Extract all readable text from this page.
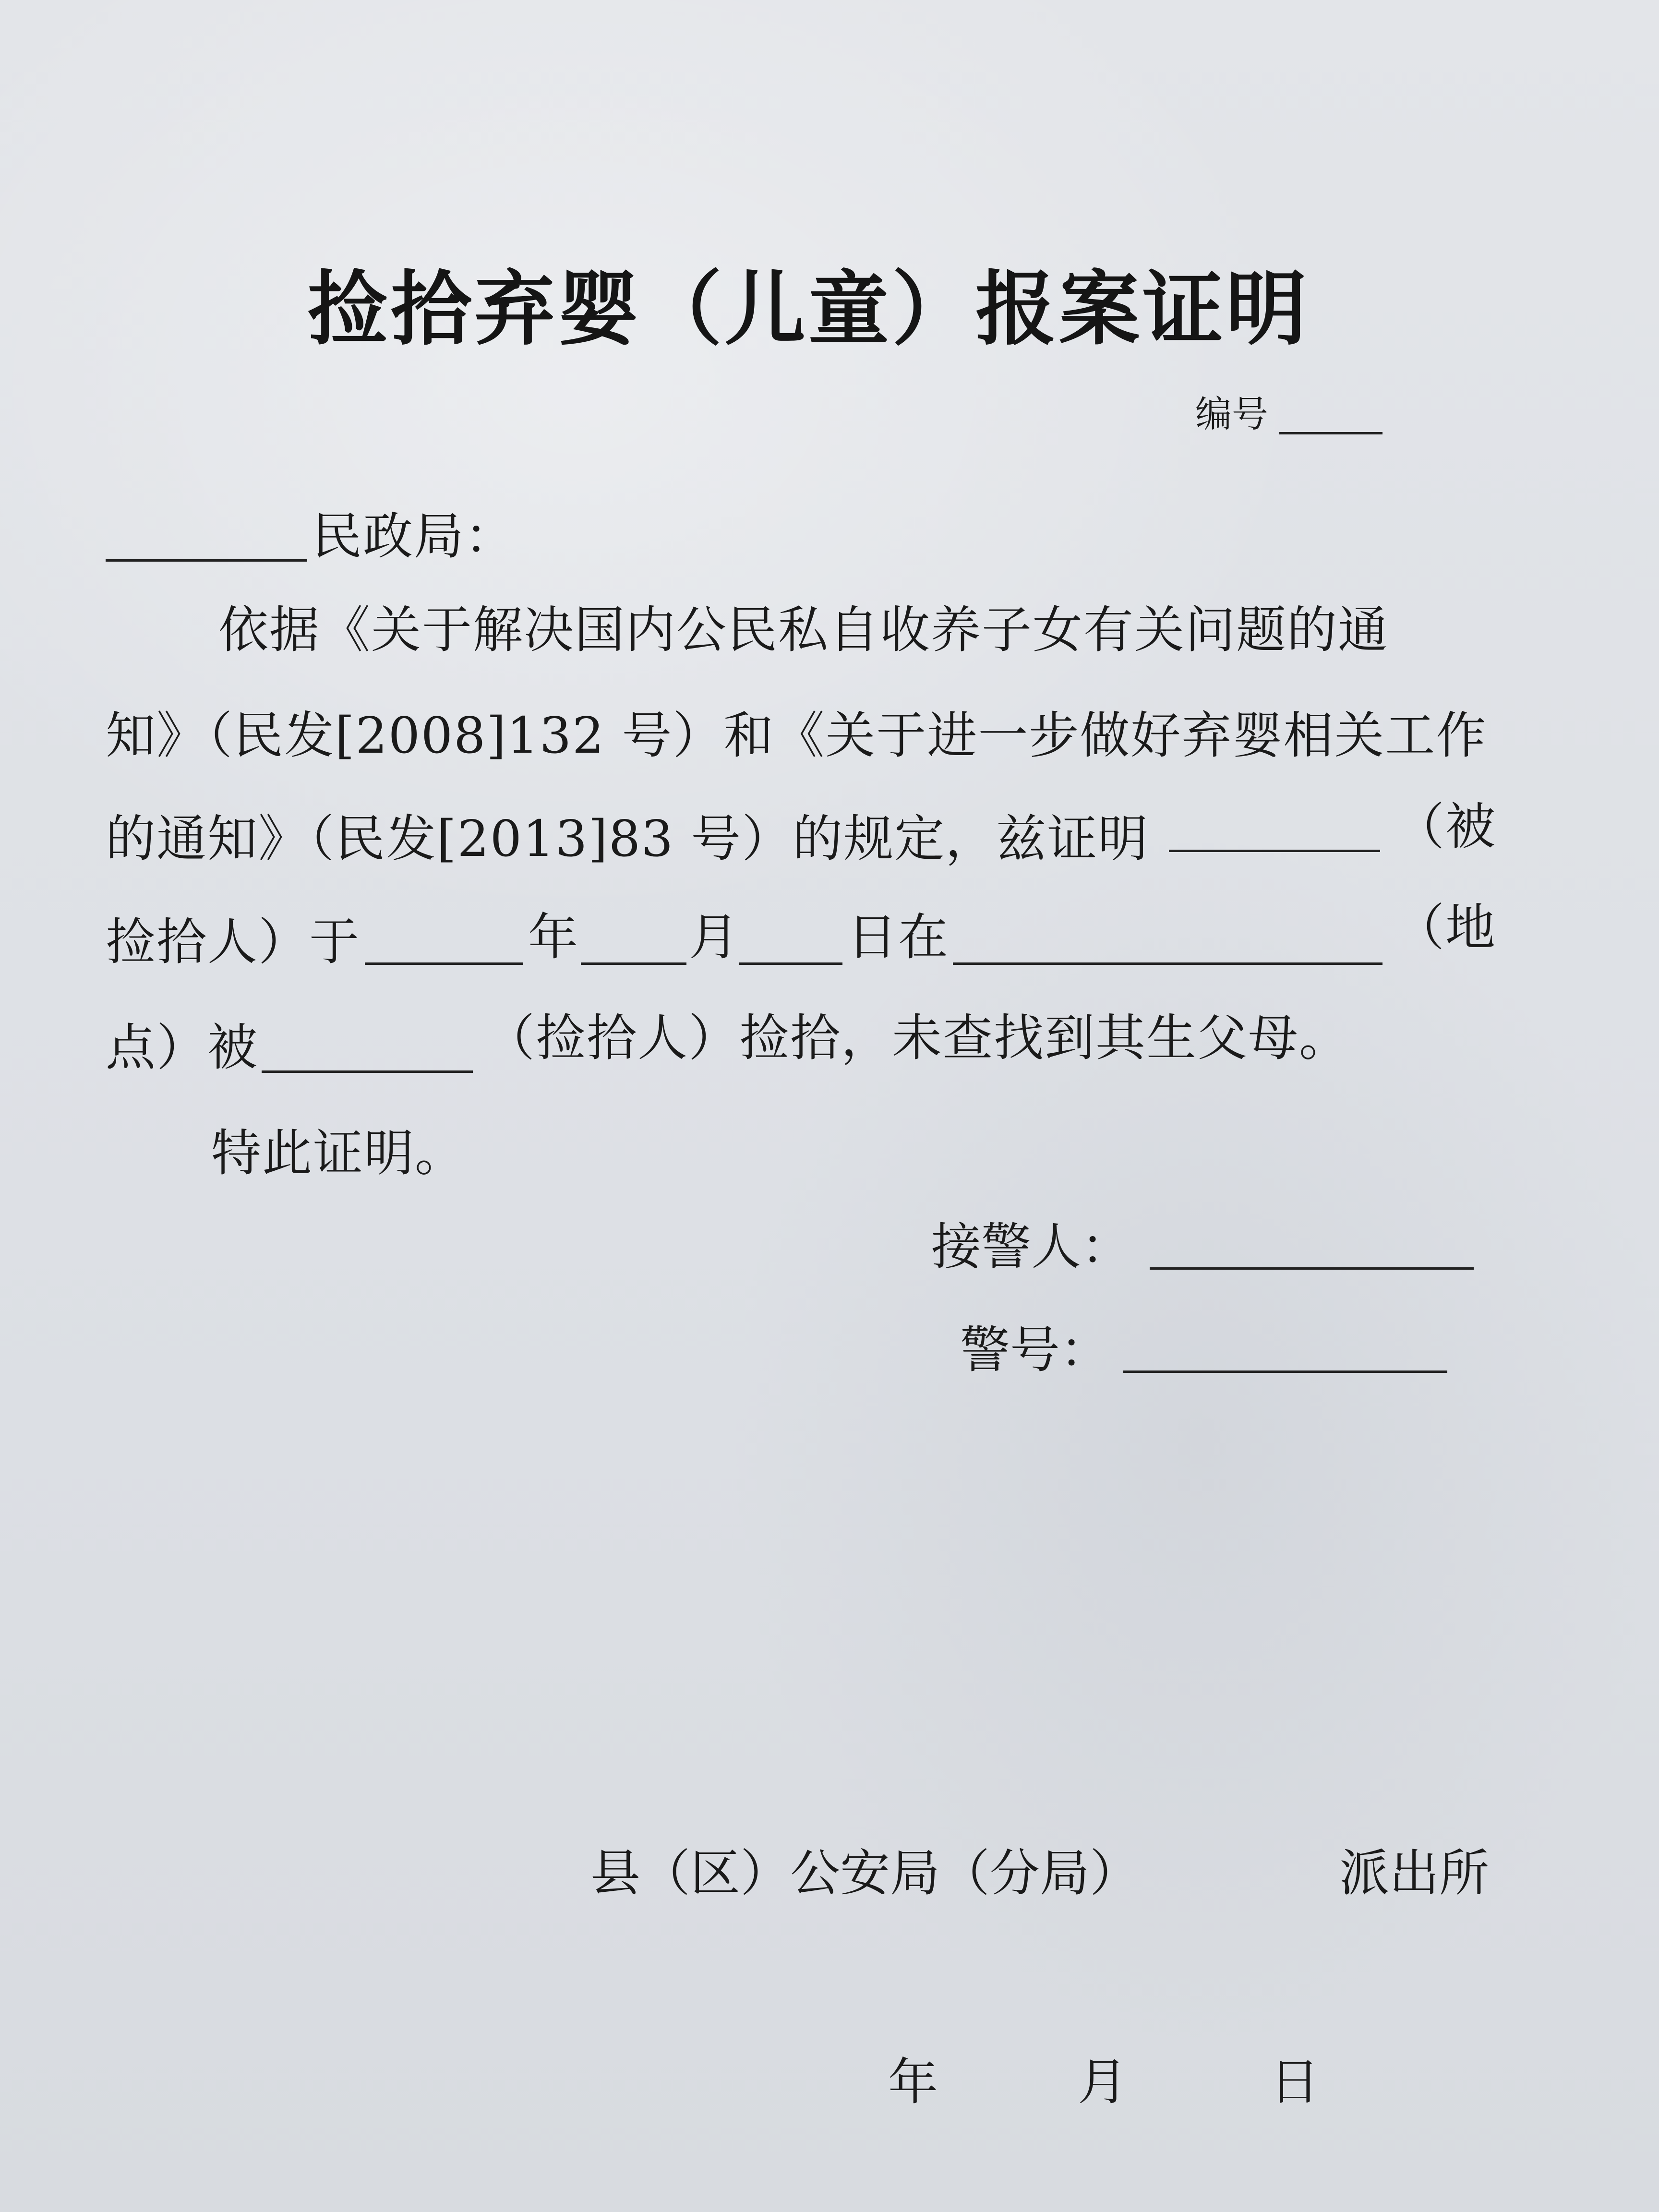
捡拾弃婴（儿童）报案证明
编号
民政局：
依据《关于解决国内公民私自收养子女有关问题的通
知》（民发[2008]132 号）和《关于进一步做好弃婴相关工作
的通知》（民发[2013]83 号）的规定，兹证明	（被
捡拾人）于	年 月 日在	（地
点）被	（捡拾人）捡拾，未查找到其生父母。
特此证明。
接警人：
警号：
县（区）公安局（分局）	派出所
年	月	日
